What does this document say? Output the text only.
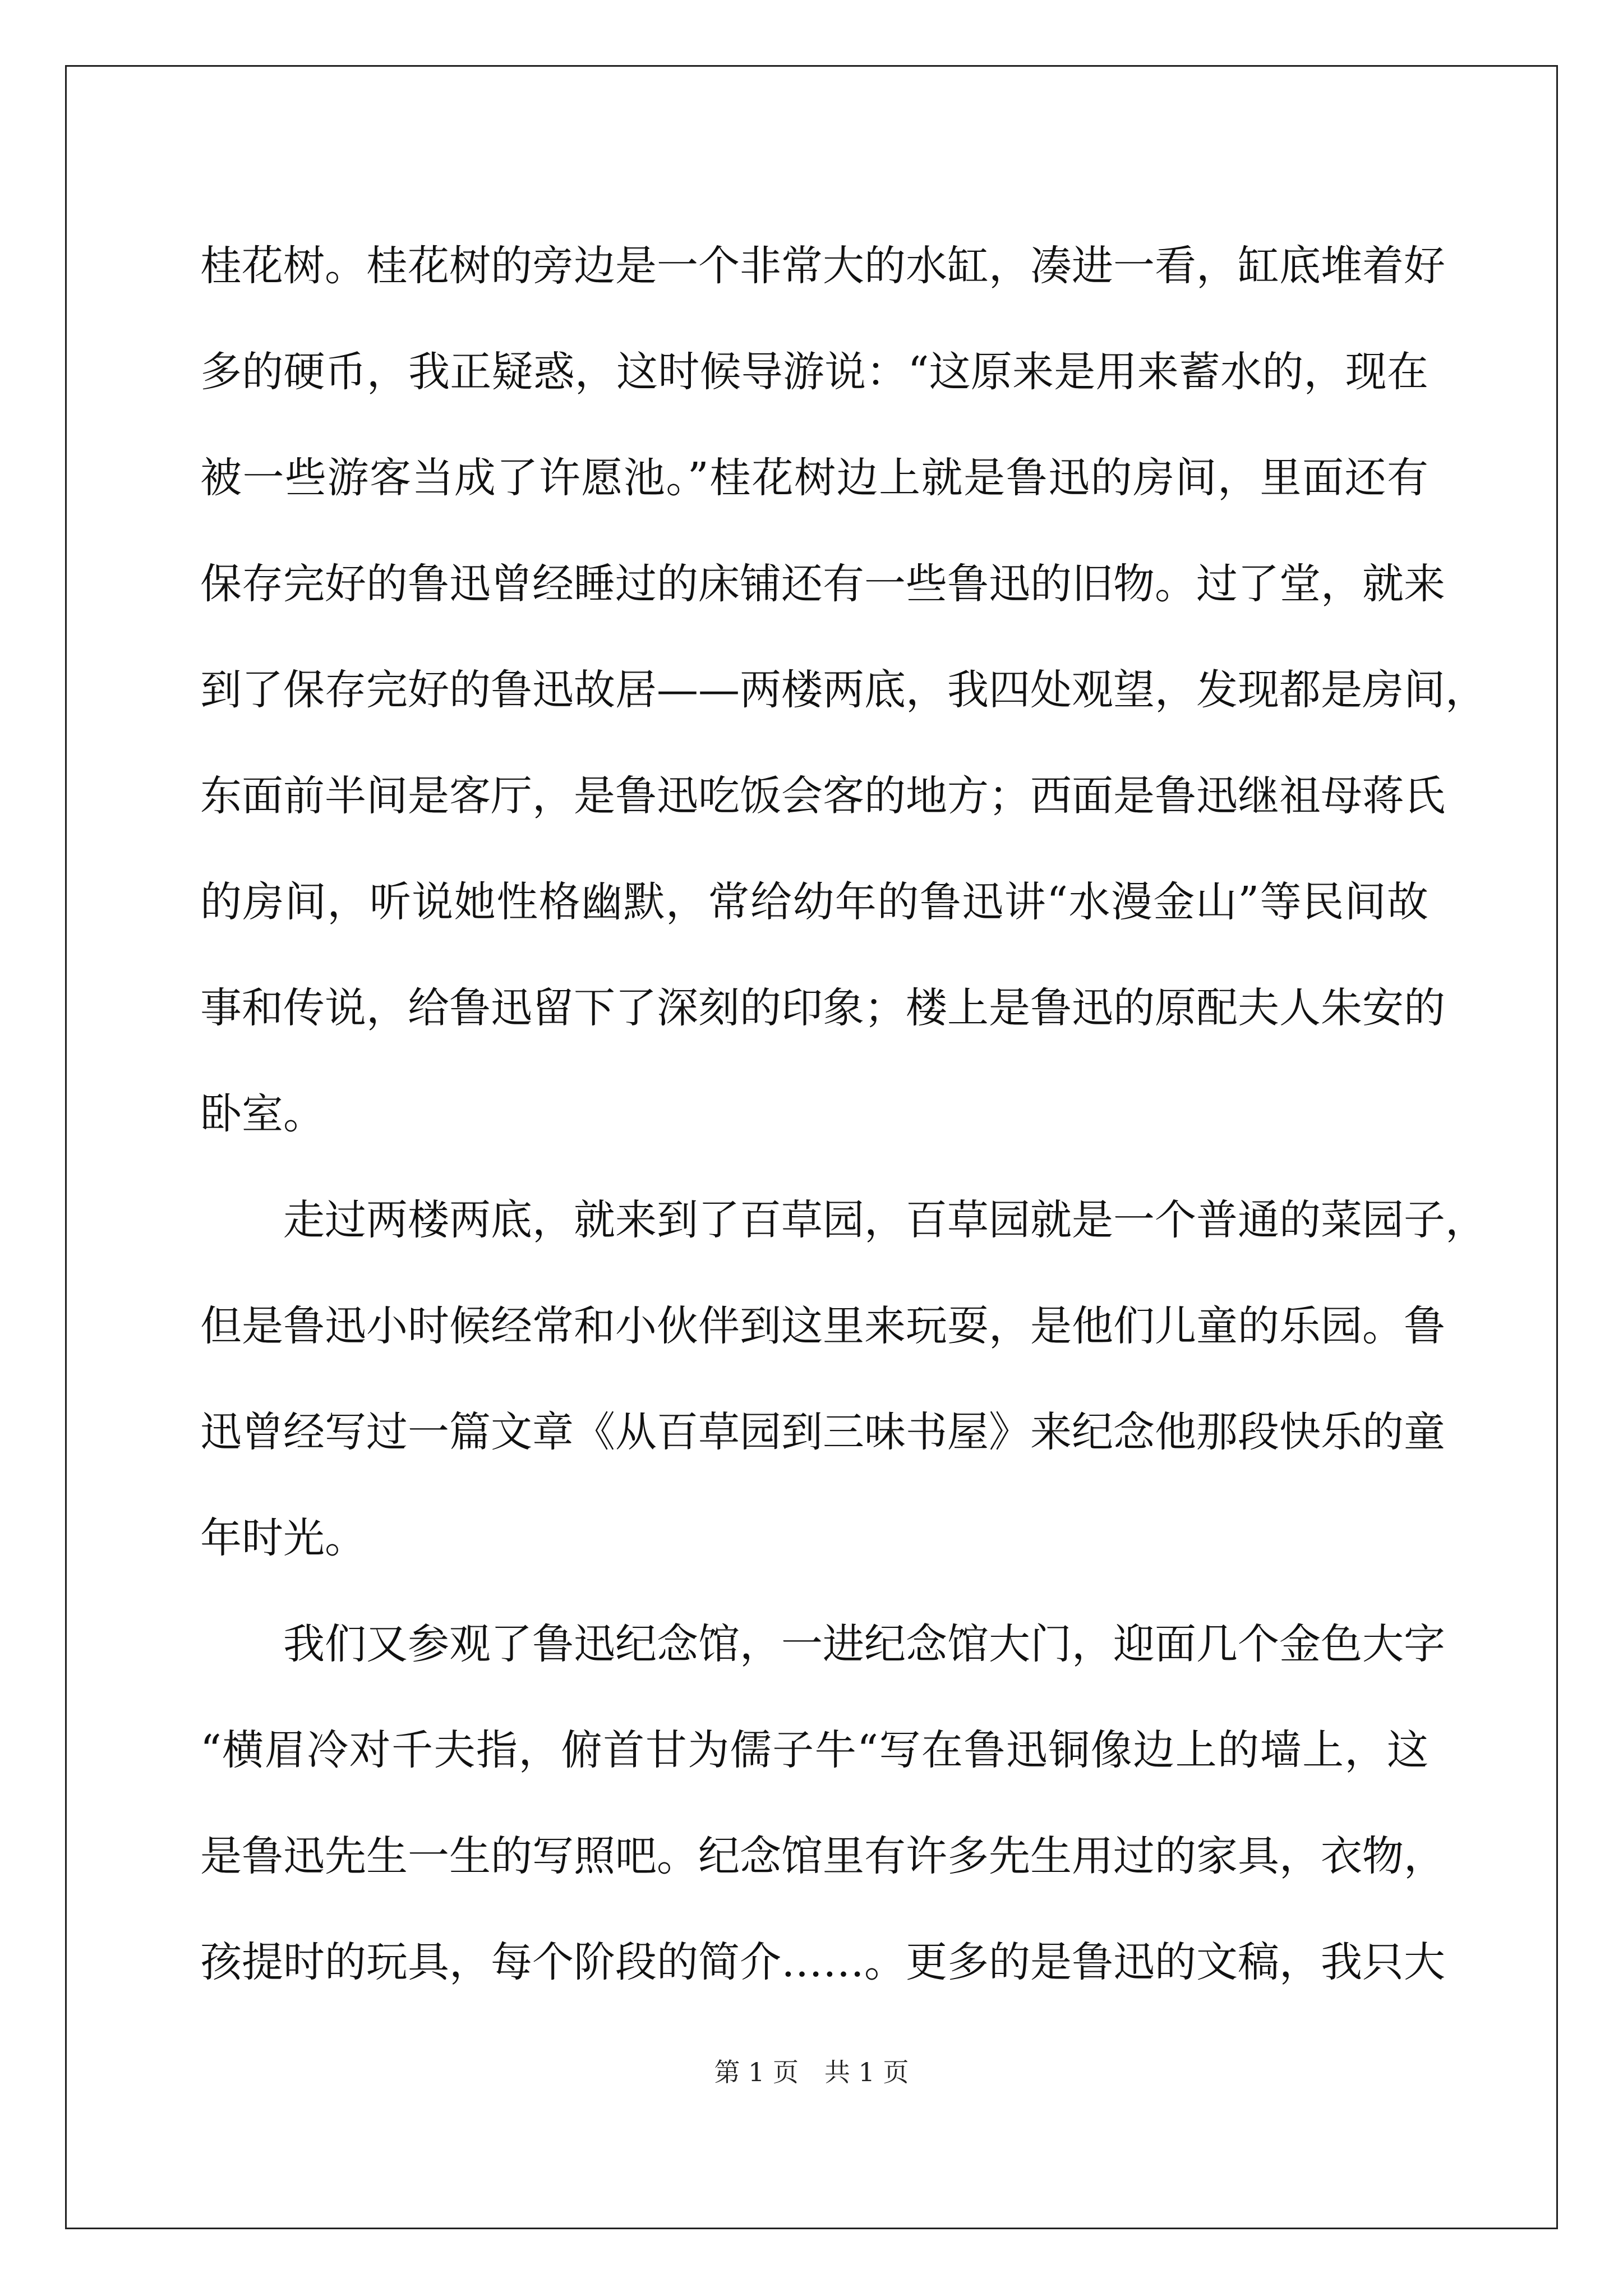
桂花树。桂花树的旁边是一个非常大的水缸，凑进一看，缸底堆着好
多的硬币，我正疑惑，这时候导游说：“这原来是用来蓄水的，现在
被一些游客当成了许愿池。”桂花树边上就是鲁迅的房间，里面还有
保存完好的鲁迅曾经睡过的床铺还有一些鲁迅的旧物。过了堂，就来
到了保存完好的鲁迅故居——两楼两底，我四处观望，发现都是房间，
东面前半间是客厅，是鲁迅吃饭会客的地方；西面是鲁迅继祖母蒋氏
的房间，听说她性格幽默，常给幼年的鲁迅讲“水漫金山”等民间故
事和传说，给鲁迅留下了深刻的印象；楼上是鲁迅的原配夫人朱安的
卧室。
走过两楼两底，就来到了百草园，百草园就是一个普通的菜园子，
但是鲁迅小时候经常和小伙伴到这里来玩耍，是他们儿童的乐园。鲁
迅曾经写过一篇文章《从百草园到三味书屋》来纪念他那段快乐的童
年时光。
我们又参观了鲁迅纪念馆，一进纪念馆大门，迎面几个金色大字
“横眉冷对千夫指，俯首甘为儒子牛“写在鲁迅铜像边上的墙上，这
是鲁迅先生一生的写照吧。纪念馆里有许多先生用过的家具，衣物，
孩提时的玩具，每个阶段的简介……。更多的是鲁迅的文稿，我只大
第 1 页　共 1 页
